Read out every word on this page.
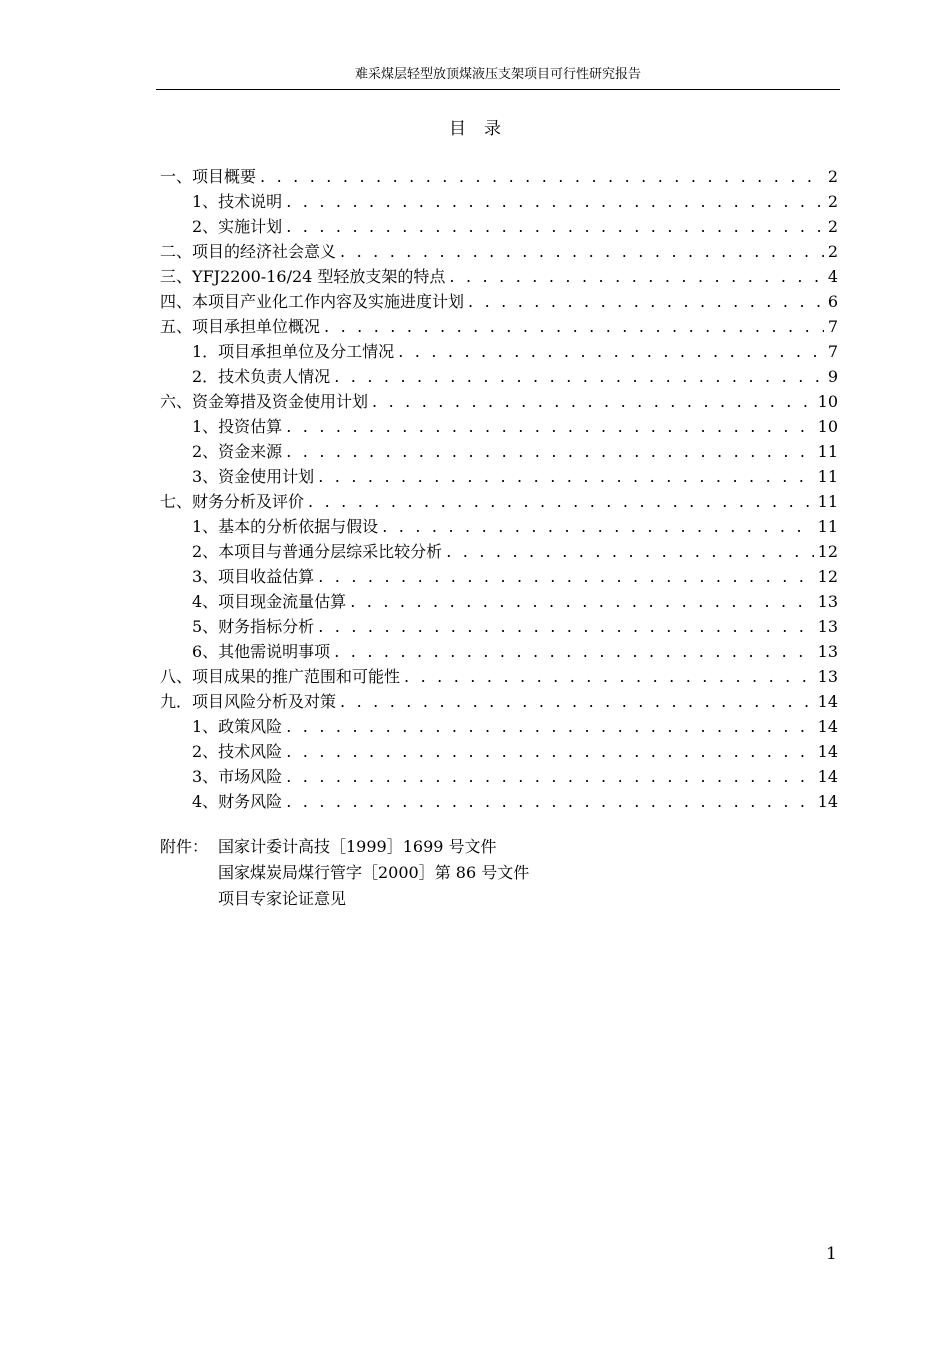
难采煤层轻型放顶煤液压支架项目可行性研究报告
目录
一、项目概要 . . .	2
1、技术说明 . . .	2
2、实施计划 . . .	2
二、项目的经济社会意义 . . .	2
三、YFJ2200-16/24 型轻放支架的特点 . . .	4
四、本项目产业化工作内容及实施进度计划 . . .	6
五、项目承担单位概况 . . .	7
1．项目承担单位及分工情况 . . .	7
2．技术负责人情况 . . .	9
六、资金筹措及资金使用计划 . . .	10
1、投资估算 . . .	10
2、资金来源 . . .	11
3、资金使用计划 . . .	11
七、财务分析及评价 . . .	11
1、基本的分析依据与假设 . . .	11
2、本项目与普通分层综采比较分析 . . .	12
3、项目收益估算 . . .	12
4、项目现金流量估算 . . .	13
5、财务指标分析 . . .	13
6、其他需说明事项 . . .	13
八、项目成果的推广范围和可能性 . . .	13
九．项目风险分析及对策 . . .	14
1、政策风险 . . .	14
2、技术风险 . . .	14
3、市场风险 . . .	14
4、财务风险 . . .	14
附件： 国家计委计高技［1999］1699 号文件
国家煤炭局煤行管字［2000］第 86 号文件
项目专家论证意见
1
